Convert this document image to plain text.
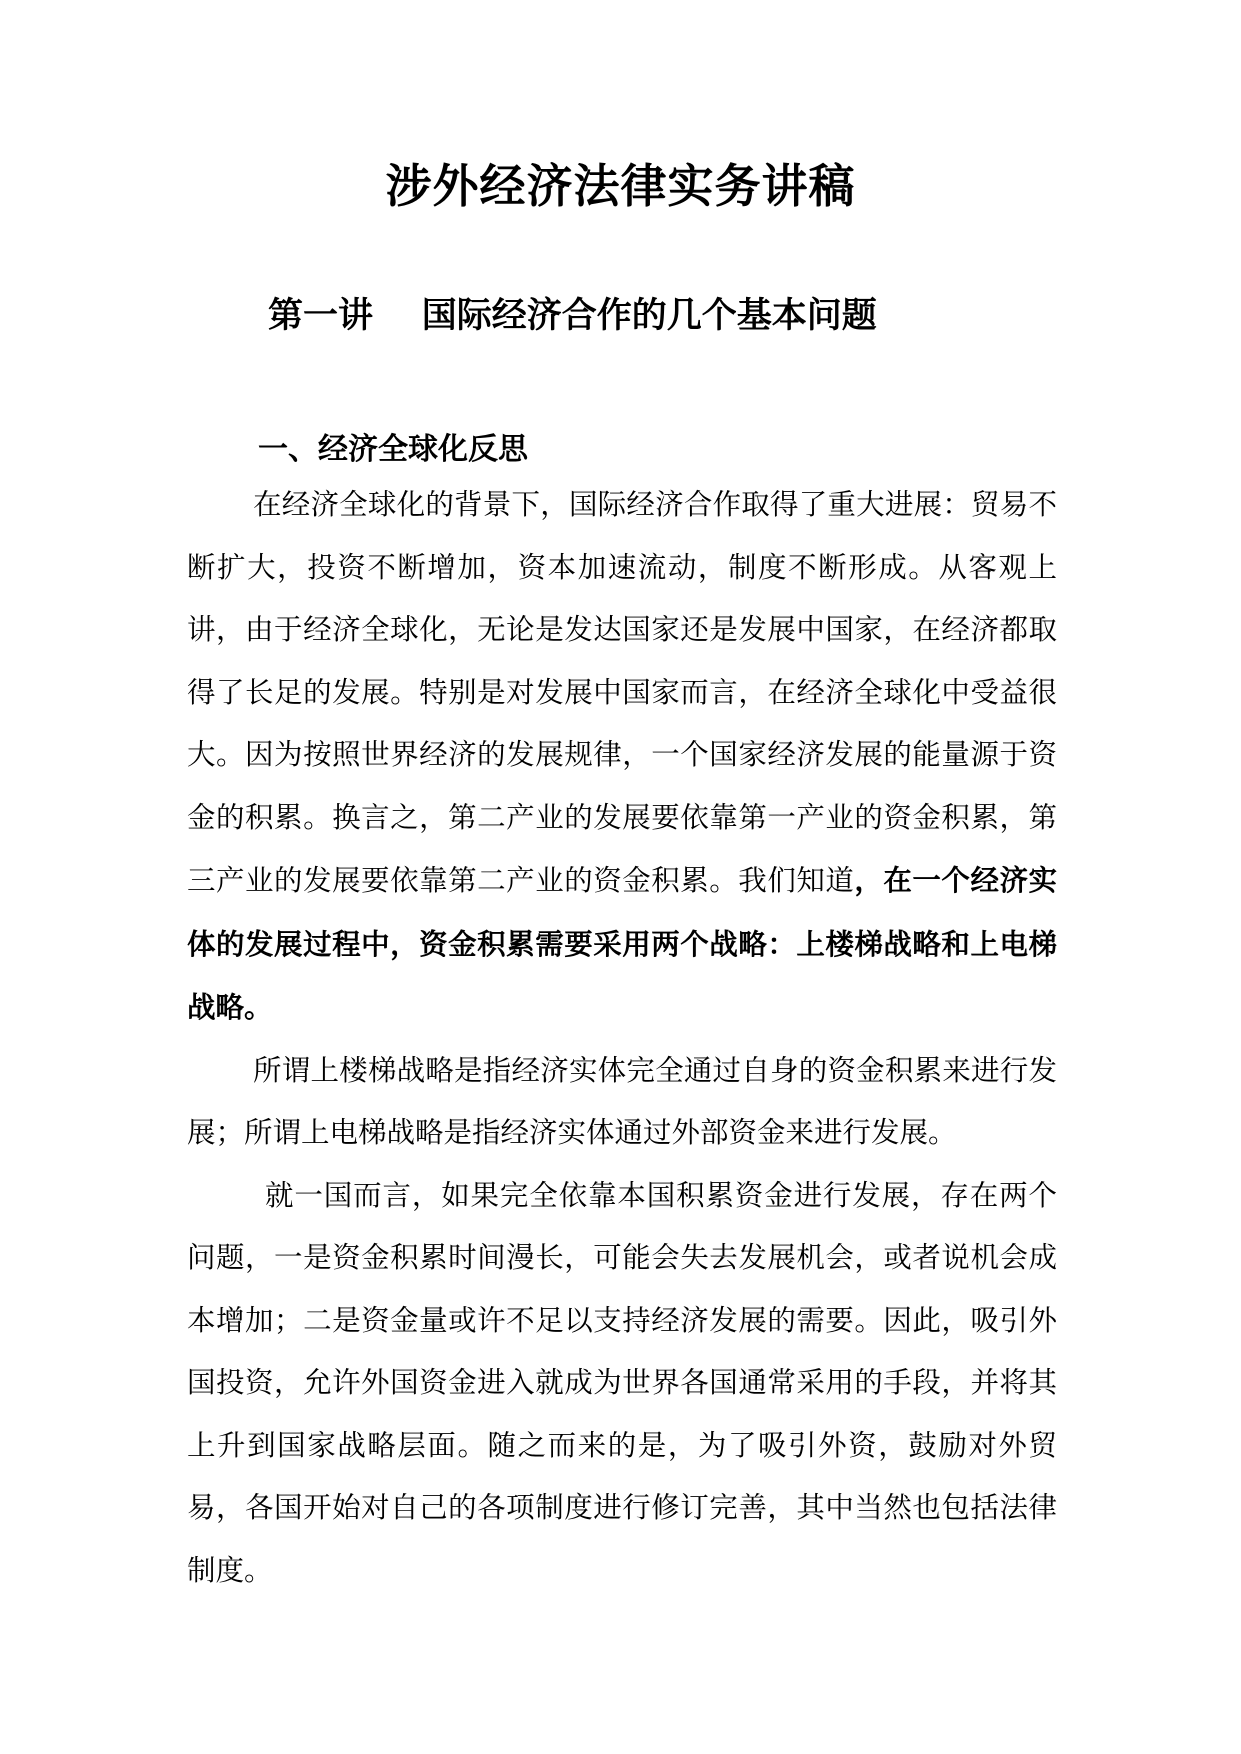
涉外经济法律实务讲稿
第一讲    国际经济合作的几个基本问题
一、经济全球化反思

在经济全球化的背景下，国际经济合作取得了重大进展：贸易不断扩大，投资不断增加，资本加速流动，制度不断形成。从客观上讲，由于经济全球化，无论是发达国家还是发展中国家，在经济都取得了长足的发展。特别是对发展中国家而言，在经济全球化中受益很大。因为按照世界经济的发展规律，一个国家经济发展的能量源于资金的积累。换言之，第二产业的发展要依靠第一产业的资金积累，第三产业的发展要依靠第二产业的资金积累。我们知道，在一个经济实体的发展过程中，资金积累需要采用两个战略：上楼梯战略和上电梯战略。

所谓上楼梯战略是指经济实体完全通过自身的资金积累来进行发展；所谓上电梯战略是指经济实体通过外部资金来进行发展。

就一国而言，如果完全依靠本国积累资金进行发展，存在两个问题，一是资金积累时间漫长，可能会失去发展机会，或者说机会成本增加；二是资金量或许不足以支持经济发展的需要。因此，吸引外国投资，允许外国资金进入就成为世界各国通常采用的手段，并将其上升到国家战略层面。随之而来的是，为了吸引外资，鼓励对外贸易，各国开始对自己的各项制度进行修订完善，其中当然也包括法律制度。
